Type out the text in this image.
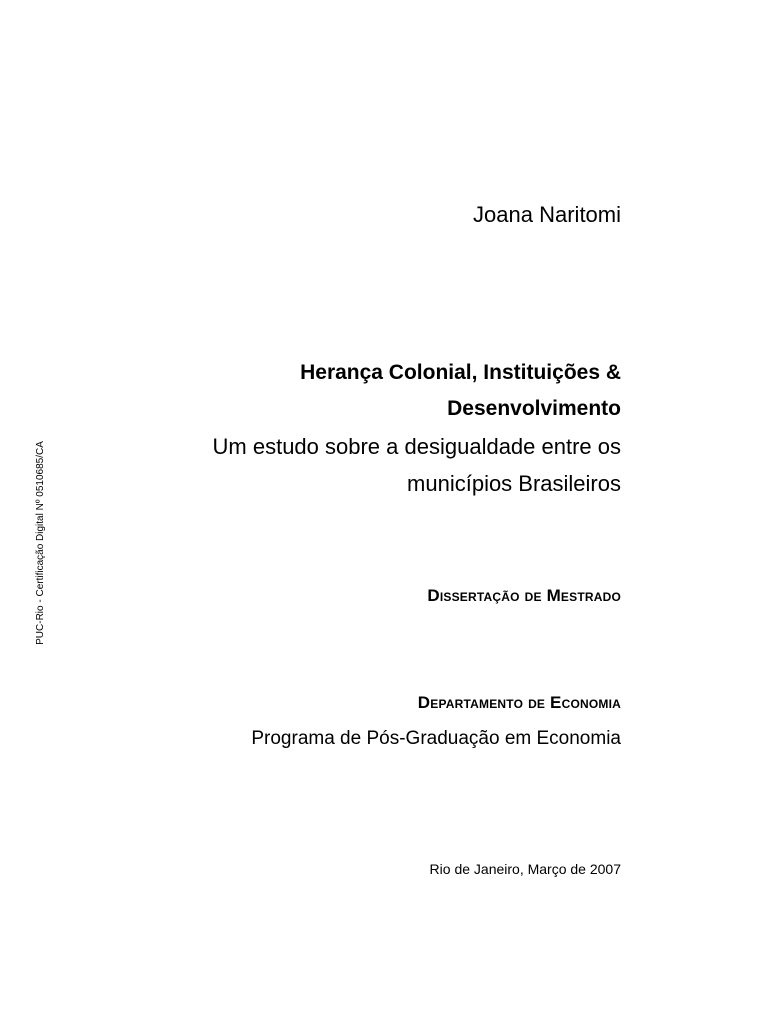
PUC-Rio - Certificação Digital Nº 0510685/CA
Joana Naritomi
Herança Colonial, Instituições &
Desenvolvimento
Um estudo sobre a desigualdade entre os
municípios Brasileiros
Dissertação de Mestrado
Departamento de Economia
Programa de Pós-Graduação em Economia
Rio de Janeiro, Março de 2007
